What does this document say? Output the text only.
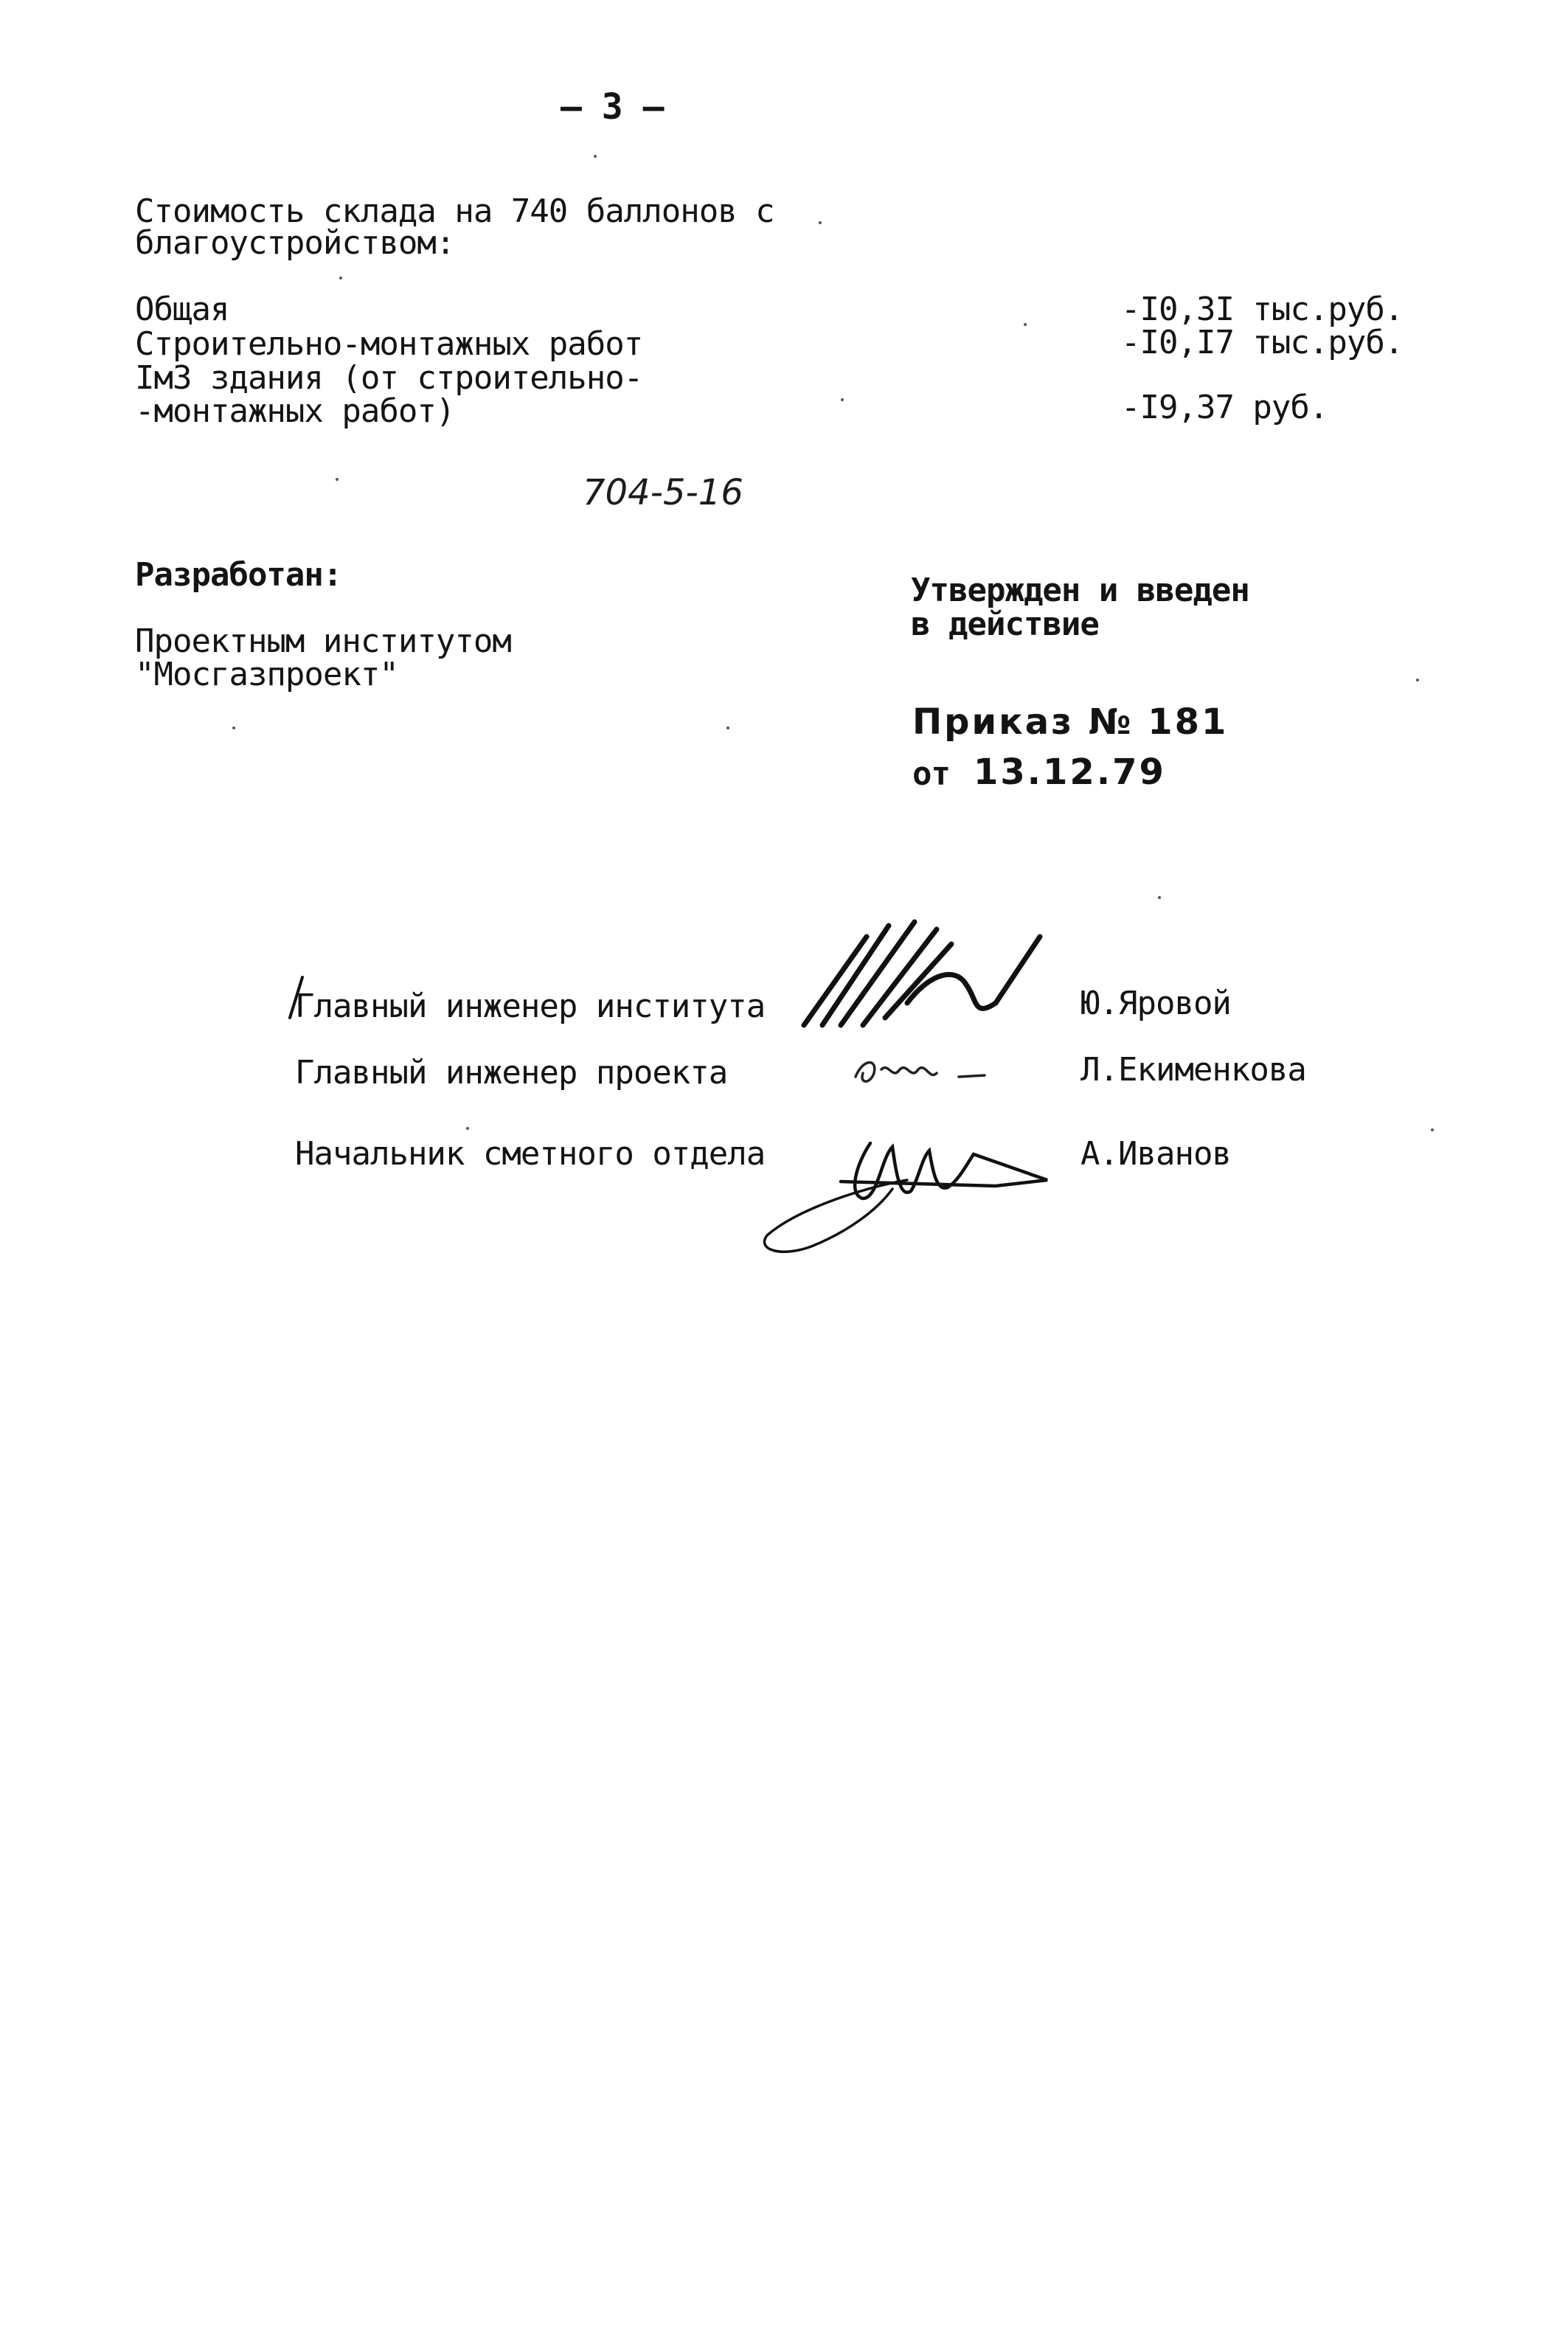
– 3 –
Стоимость склада на 740 баллонов с
благоустройством:
Общая	-I0,3I тыс.руб.
Строительно-монтажных работ	-I0,I7 тыс.руб.
Iм3 здания (от строительно-
-монтажных работ)	-I9,37 руб.
704-5-16
Разработан:
Проектным институтом
"Мосгазпроект"
Утвержден и введен
в действие
Приказ № 181
от 13.12.79
Главный инженер института	Ю.Яровой
Главный инженер проекта	Л.Екименкова
Начальник сметного отдела	А.Иванов
